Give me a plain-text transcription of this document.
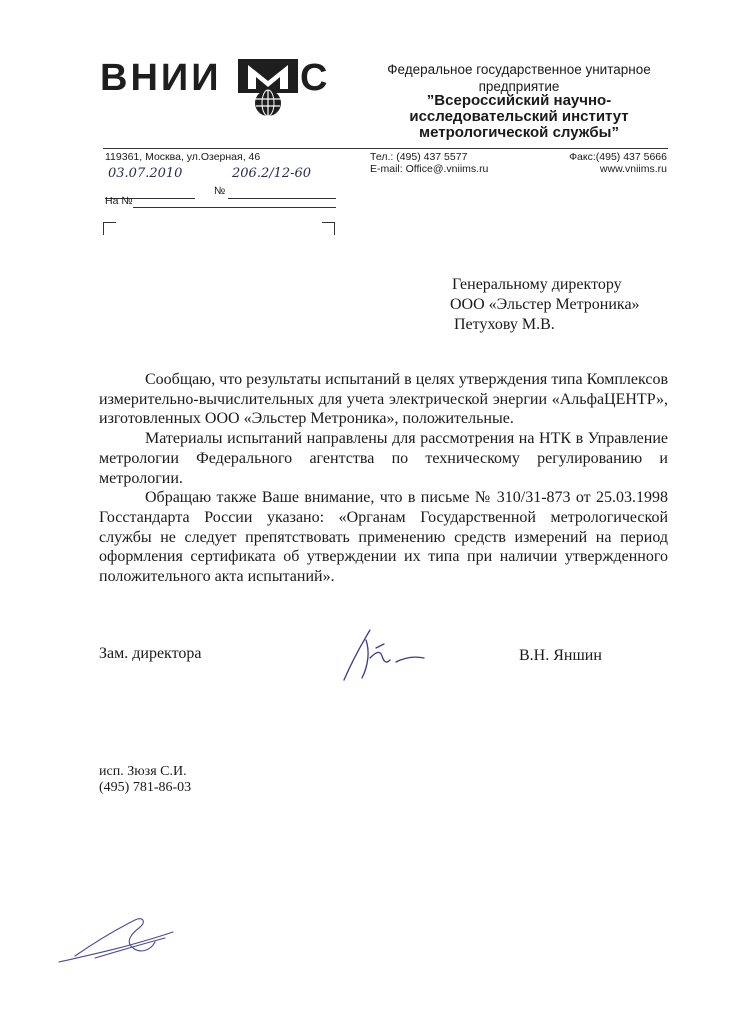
ВНИИ С	Федеральное государственное унитарное предприятие
”Всероссийский научно-исследовательский институт метрологической службы”
119361, Москва, ул.Озерная, 46	Тел.: (495) 437 5577
E-mail: Office@.vniims.ru
Факс:(495) 437 5666
www.vniims.ru
03.07.2010
№
206.2/12-60
На №
Генеральному директору
ООО «Эльстер Метроника»
Петухову М.В.

Сообщаю, что результаты испытаний в целях утверждения типа Комплексов измерительно-вычислительных для учета электрической энергии «АльфаЦЕНТР», изготовленных ООО «Эльстер Метроника», положительные.

Материалы испытаний направлены для рассмотрения на НТК в Управление метрологии Федерального агентства по техническому регулированию и метрологии.

Обращаю также Ваше внимание, что в письме № 310/31-873 от 25.03.1998 Госстандарта России указано: «Органам Государственной метрологической службы не следует препятствовать применению средств измерений на период оформления сертификата об утверждении их типа при наличии утвержденного положительного акта испытаний».

Зам. директора	В.Н. Яншин
исп. Зюзя С.И.
(495) 781-86-03
